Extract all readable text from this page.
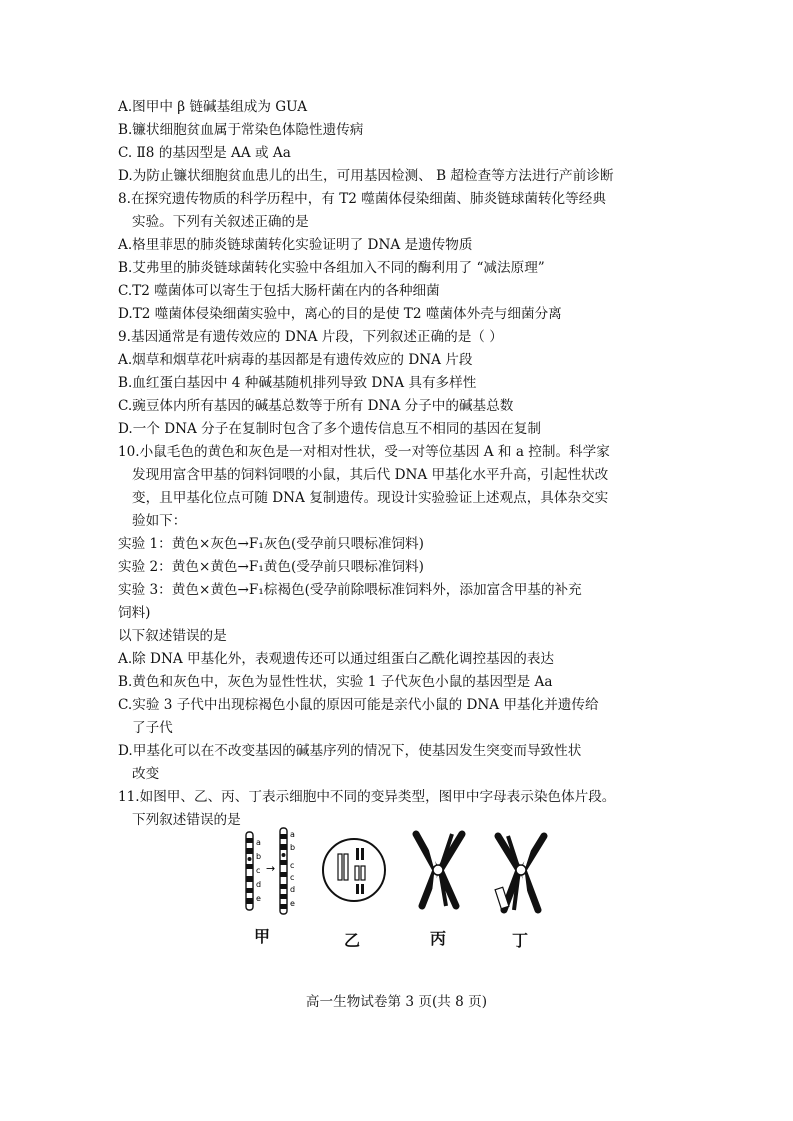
A.图甲中 β 链碱基组成为 GUA
B.镰状细胞贫血属于常染色体隐性遗传病
C. Ⅱ8 的基因型是 AA 或 Aa
D.为防止镰状细胞贫血患儿的出生，可用基因检测、 B 超检查等方法进行产前诊断
8.在探究遗传物质的科学历程中，有 T2 噬菌体侵染细菌、肺炎链球菌转化等经典
实验。下列有关叙述正确的是
A.格里菲思的肺炎链球菌转化实验证明了 DNA 是遗传物质
B.艾弗里的肺炎链球菌转化实验中各组加入不同的酶利用了 “减法原理”
C.T2 噬菌体可以寄生于包括大肠杆菌在内的各种细菌
D.T2 噬菌体侵染细菌实验中，离心的目的是使 T2 噬菌体外壳与细菌分离
9.基因通常是有遗传效应的 DNA 片段，下列叙述正确的是（ ）
A.烟草和烟草花叶病毒的基因都是有遗传效应的 DNA 片段
B.血红蛋白基因中 4 种碱基随机排列导致 DNA 具有多样性
C.豌豆体内所有基因的碱基总数等于所有 DNA 分子中的碱基总数
D.一个 DNA 分子在复制时包含了多个遗传信息互不相同的基因在复制
10.小鼠毛色的黄色和灰色是一对相对性状，受一对等位基因 A 和 a 控制。科学家
发现用富含甲基的饲料饲喂的小鼠，其后代 DNA 甲基化水平升高，引起性状改
变，且甲基化位点可随 DNA 复制遗传。现设计实验验证上述观点，具体杂交实
验如下：
实验 1：黄色×灰色→F₁灰色(受孕前只喂标准饲料)
实验 2：黄色×黄色→F₁黄色(受孕前只喂标准饲料)
实验 3：黄色×黄色→F₁棕褐色(受孕前除喂标准饲料外，添加富含甲基的补充
饲料)
以下叙述错误的是
A.除 DNA 甲基化外，表观遗传还可以通过组蛋白乙酰化调控基因的表达
B.黄色和灰色中，灰色为显性性状，实验 1 子代灰色小鼠的基因型是 Aa
C.实验 3 子代中出现棕褐色小鼠的原因可能是亲代小鼠的 DNA 甲基化并遗传给
了子代
D.甲基化可以在不改变基因的碱基序列的情况下，使基因发生突变而导致性状
改变
11.如图甲、乙、丙、丁表示细胞中不同的变异类型，图甲中字母表示染色体片段。
下列叙述错误的是
a
b
c
d
e
→
a
b
c
c
d
e
甲	乙	丙	丁
高一生物试卷第 3 页(共 8 页)
